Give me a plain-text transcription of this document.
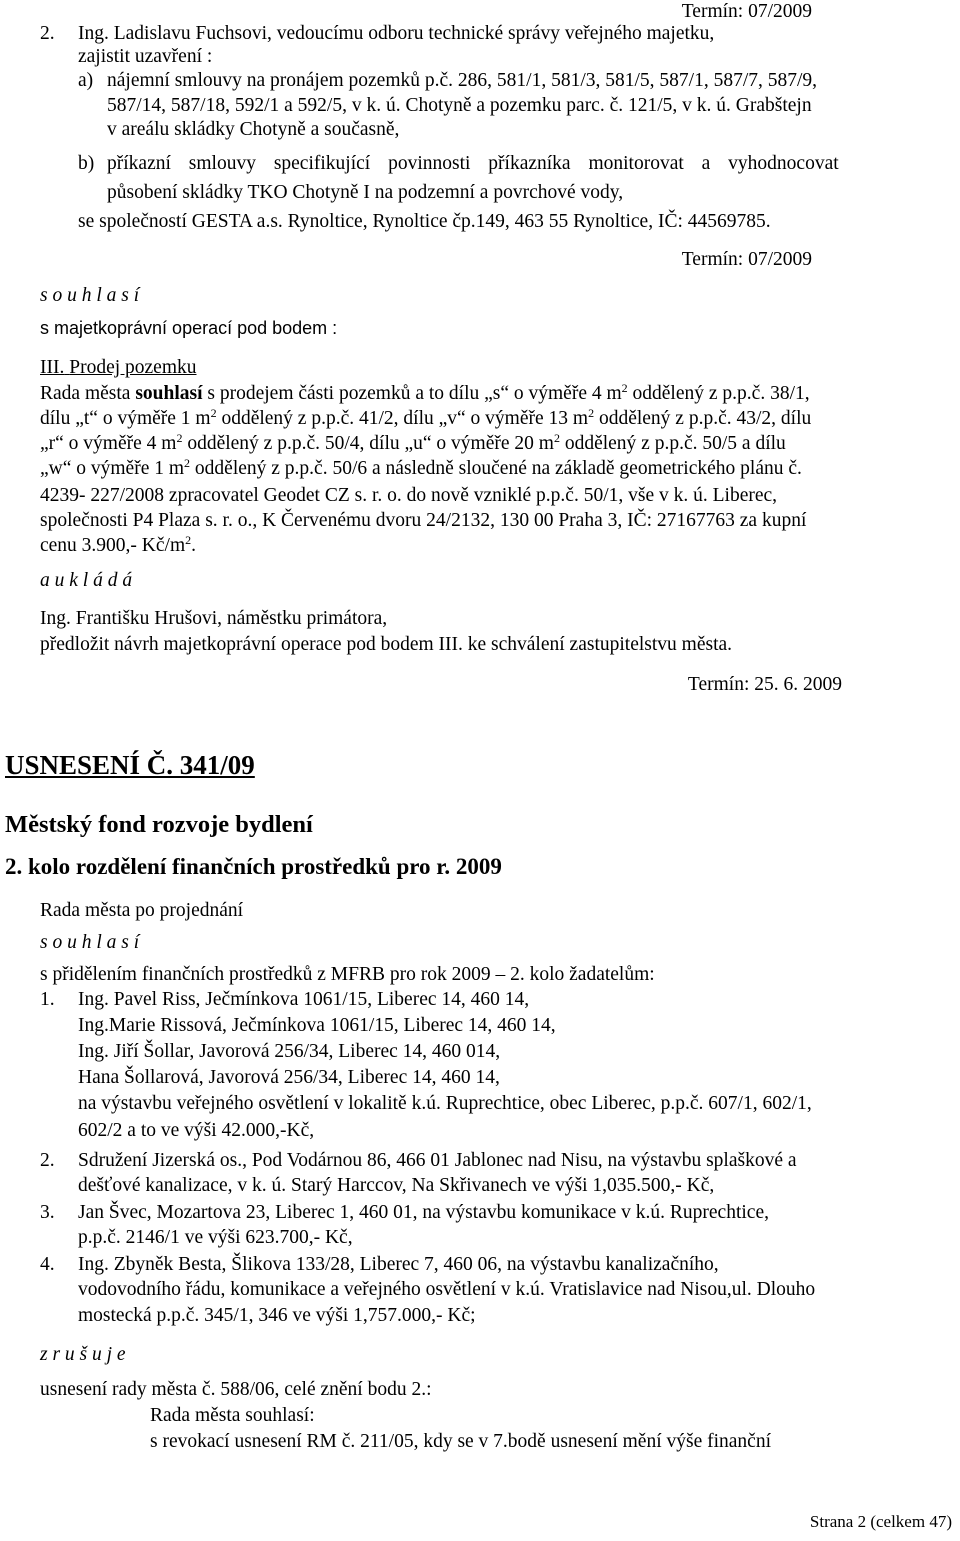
Termín: 07/2009
2. Ing. Ladislavu Fuchsovi, vedoucímu odboru technické správy veřejného majetku,
zajistit uzavření :
a) nájemní smlouvy na pronájem pozemků p.č. 286, 581/1, 581/3, 581/5, 587/1, 587/7, 587/9,
587/14, 587/18, 592/1 a 592/5, v k. ú. Chotyně a pozemku parc. č. 121/5, v k. ú. Grabštejn
v areálu skládky Chotyně a současně,
b) příkazní smlouvy specifikující povinnosti příkazníka monitorovat a vyhodnocovat
působení skládky TKO Chotyně I na podzemní a povrchové vody,
se společností GESTA a.s. Rynoltice, Rynoltice čp.149, 463 55 Rynoltice, IČ: 44569785.
Termín: 07/2009
s o u h l a s í
s majetkoprávní operací pod bodem :
III. Prodej pozemku
Rada města souhlasí s prodejem části pozemků a to dílu „s“ o výměře 4 $m^2$ oddělený z p.p.č. 38/1,
dílu „t“ o výměře 1 $m^2$ oddělený z p.p.č. 41/2, dílu „v“ o výměře 13 $m^2$ oddělený z p.p.č. 43/2, dílu
„r“ o výměře 4 $m^2$ oddělený z p.p.č. 50/4, dílu „u“ o výměře 20 $m^2$ oddělený z p.p.č. 50/5 a dílu
„w“ o výměře 1 $m^2$ oddělený z p.p.č. 50/6 a následně sloučené na základě geometrického plánu č.
4239- 227/2008 zpracovatel Geodet CZ s. r. o. do nově vzniklé p.p.č. 50/1, vše v k. ú. Liberec,
společnosti P4 Plaza s. r. o., K Červenému dvoru 24/2132, 130 00 Praha 3, IČ: 27167763 za kupní
cenu 3.900,- $Kč/m^2$.
a u k l á d á
Ing. Františku Hrušovi, náměstku primátora,
předložit návrh majetkoprávní operace pod bodem III. ke schválení zastupitelstvu města.
Termín: 25. 6. 2009
USNESENÍ Č. 341/09
Městský fond rozvoje bydlení
2. kolo rozdělení finančních prostředků pro r. 2009
Rada města po projednání
s o u h l a s í
s přidělením finančních prostředků z MFRB pro rok 2009 – 2. kolo žadatelům:
1. Ing. Pavel Riss, Ječmínkova 1061/15, Liberec 14, 460 14,
Ing.Marie Rissová, Ječmínkova 1061/15, Liberec 14, 460 14,
Ing. Jiří Šollar, Javorová 256/34, Liberec 14, 460 014,
Hana Šollarová, Javorová 256/34, Liberec 14, 460 14,
na výstavbu veřejného osvětlení v lokalitě k.ú. Ruprechtice, obec Liberec, p.p.č. 607/1, 602/1,
602/2 a to ve výši 42.000,-Kč,
2. Sdružení Jizerská os., Pod Vodárnou 86, 466 01 Jablonec nad Nisu, na výstavbu splaškové a
dešťové kanalizace, v k. ú. Starý Harccov, Na Skřivanech ve výši 1,035.500,- Kč,
3. Jan Švec, Mozartova 23, Liberec 1, 460 01, na výstavbu komunikace v k.ú. Ruprechtice,
p.p.č. 2146/1 ve výši 623.700,- Kč,
4. Ing. Zbyněk Besta, Šlikova 133/28, Liberec 7, 460 06, na výstavbu kanalizačního,
vodovodního řádu, komunikace a veřejného osvětlení v k.ú. Vratislavice nad Nisou,ul. Dlouho
mostecká p.p.č. 345/1, 346 ve výši 1,757.000,- Kč;
z r u š u j e
usnesení rady města č. 588/06, celé znění bodu 2.:
Rada města souhlasí:
s revokací usnesení RM č. 211/05, kdy se v 7.bodě usnesení mění výše finanční
Strana 2 (celkem 47)
